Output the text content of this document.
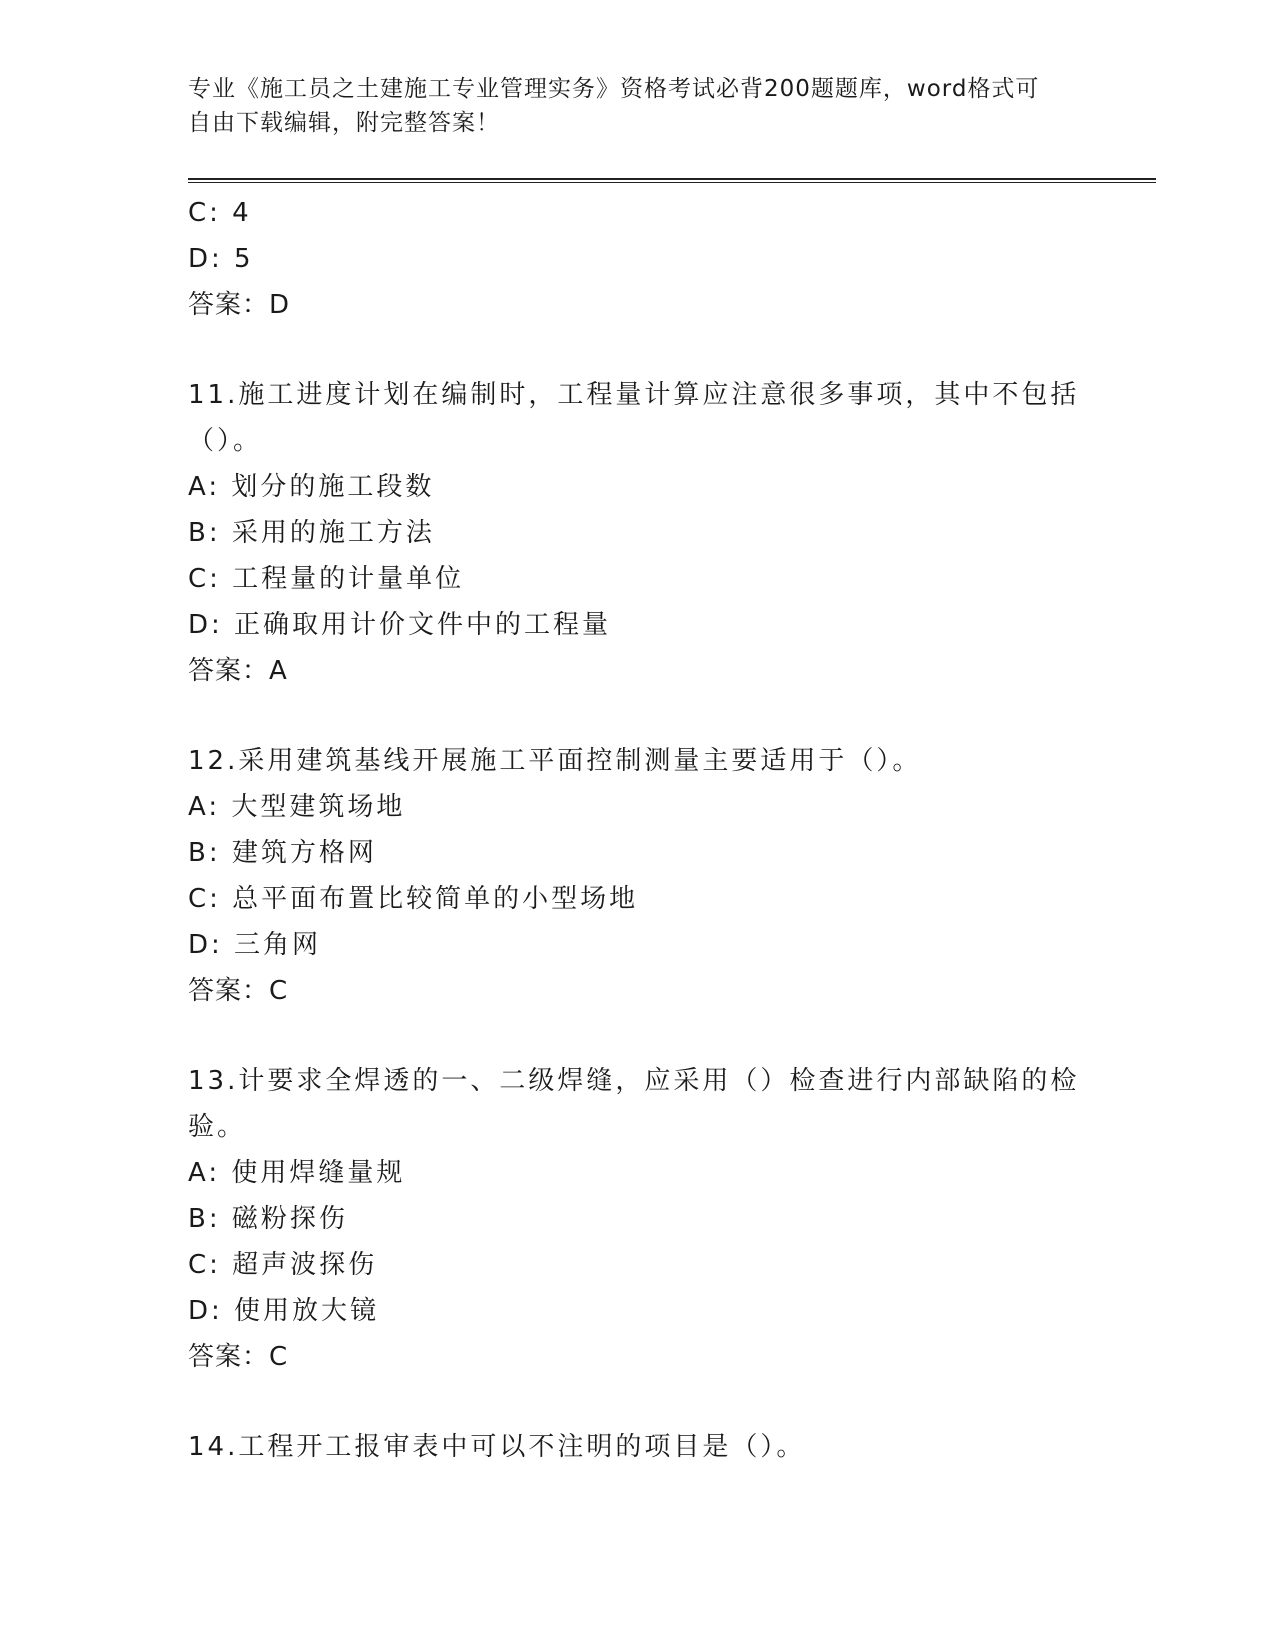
专业《施工员之土建施工专业管理实务》资格考试必背200题题库，word格式可
自由下载编辑，附完整答案！
C: 4
D: 5
答案：D
11.施工进度计划在编制时，工程量计算应注意很多事项，其中不包括
（）。
A: 划分的施工段数
B: 采用的施工方法
C: 工程量的计量单位
D: 正确取用计价文件中的工程量
答案：A
12.采用建筑基线开展施工平面控制测量主要适用于（）。
A: 大型建筑场地
B: 建筑方格网
C: 总平面布置比较简单的小型场地
D: 三角网
答案：C
13.计要求全焊透的一、二级焊缝，应采用（）检查进行内部缺陷的检
验。
A: 使用焊缝量规
B: 磁粉探伤
C: 超声波探伤
D: 使用放大镜
答案：C
14.工程开工报审表中可以不注明的项目是（）。
